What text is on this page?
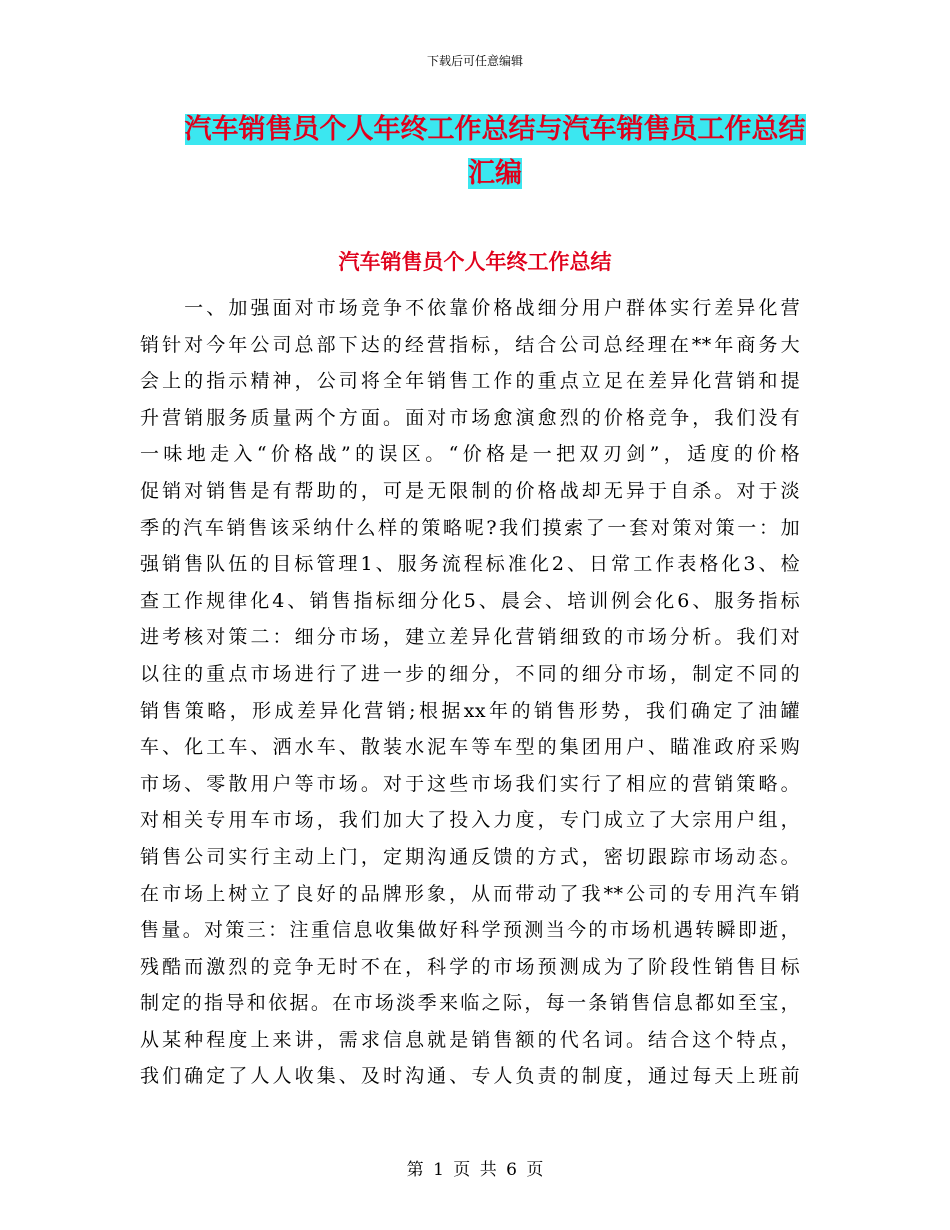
下载后可任意编辑
汽车销售员个人年终工作总结与汽车销售员工作总结
汇编
汽车销售员个人年终工作总结
　　一、加强面对市场竞争不依靠价格战细分用户群体实行差异化营
销针对今年公司总部下达的经营指标，结合公司总经理在**年商务大
会上的指示精神，公司将全年销售工作的重点立足在差异化营销和提
升营销服务质量两个方面。面对市场愈演愈烈的价格竞争，我们没有
一味地走入“价格战”的误区。“价格是一把双刃剑”，适度的价格
促销对销售是有帮助的，可是无限制的价格战却无异于自杀。对于淡
季的汽车销售该采纳什么样的策略呢?我们摸索了一套对策对策一：加
强销售队伍的目标管理1、服务流程标准化2、日常工作表格化3、检
查工作规律化4、销售指标细分化5、晨会、培训例会化6、服务指标
进考核对策二：细分市场，建立差异化营销细致的市场分析。我们对
以往的重点市场进行了进一步的细分，不同的细分市场，制定不同的
销售策略，形成差异化营销;根据xx年的销售形势，我们确定了油罐
车、化工车、洒水车、散装水泥车等车型的集团用户、瞄准政府采购
市场、零散用户等市场。对于这些市场我们实行了相应的营销策略。
对相关专用车市场，我们加大了投入力度，专门成立了大宗用户组，
销售公司实行主动上门，定期沟通反馈的方式，密切跟踪市场动态。
在市场上树立了良好的品牌形象，从而带动了我**公司的专用汽车销
售量。对策三：注重信息收集做好科学预测当今的市场机遇转瞬即逝，
残酷而激烈的竞争无时不在，科学的市场预测成为了阶段性销售目标
制定的指导和依据。在市场淡季来临之际，每一条销售信息都如至宝，
从某种程度上来讲，需求信息就是销售额的代名词。结合这个特点，
我们确定了人人收集、及时沟通、专人负责的制度，通过每天上班前
第 1 页 共 6 页
